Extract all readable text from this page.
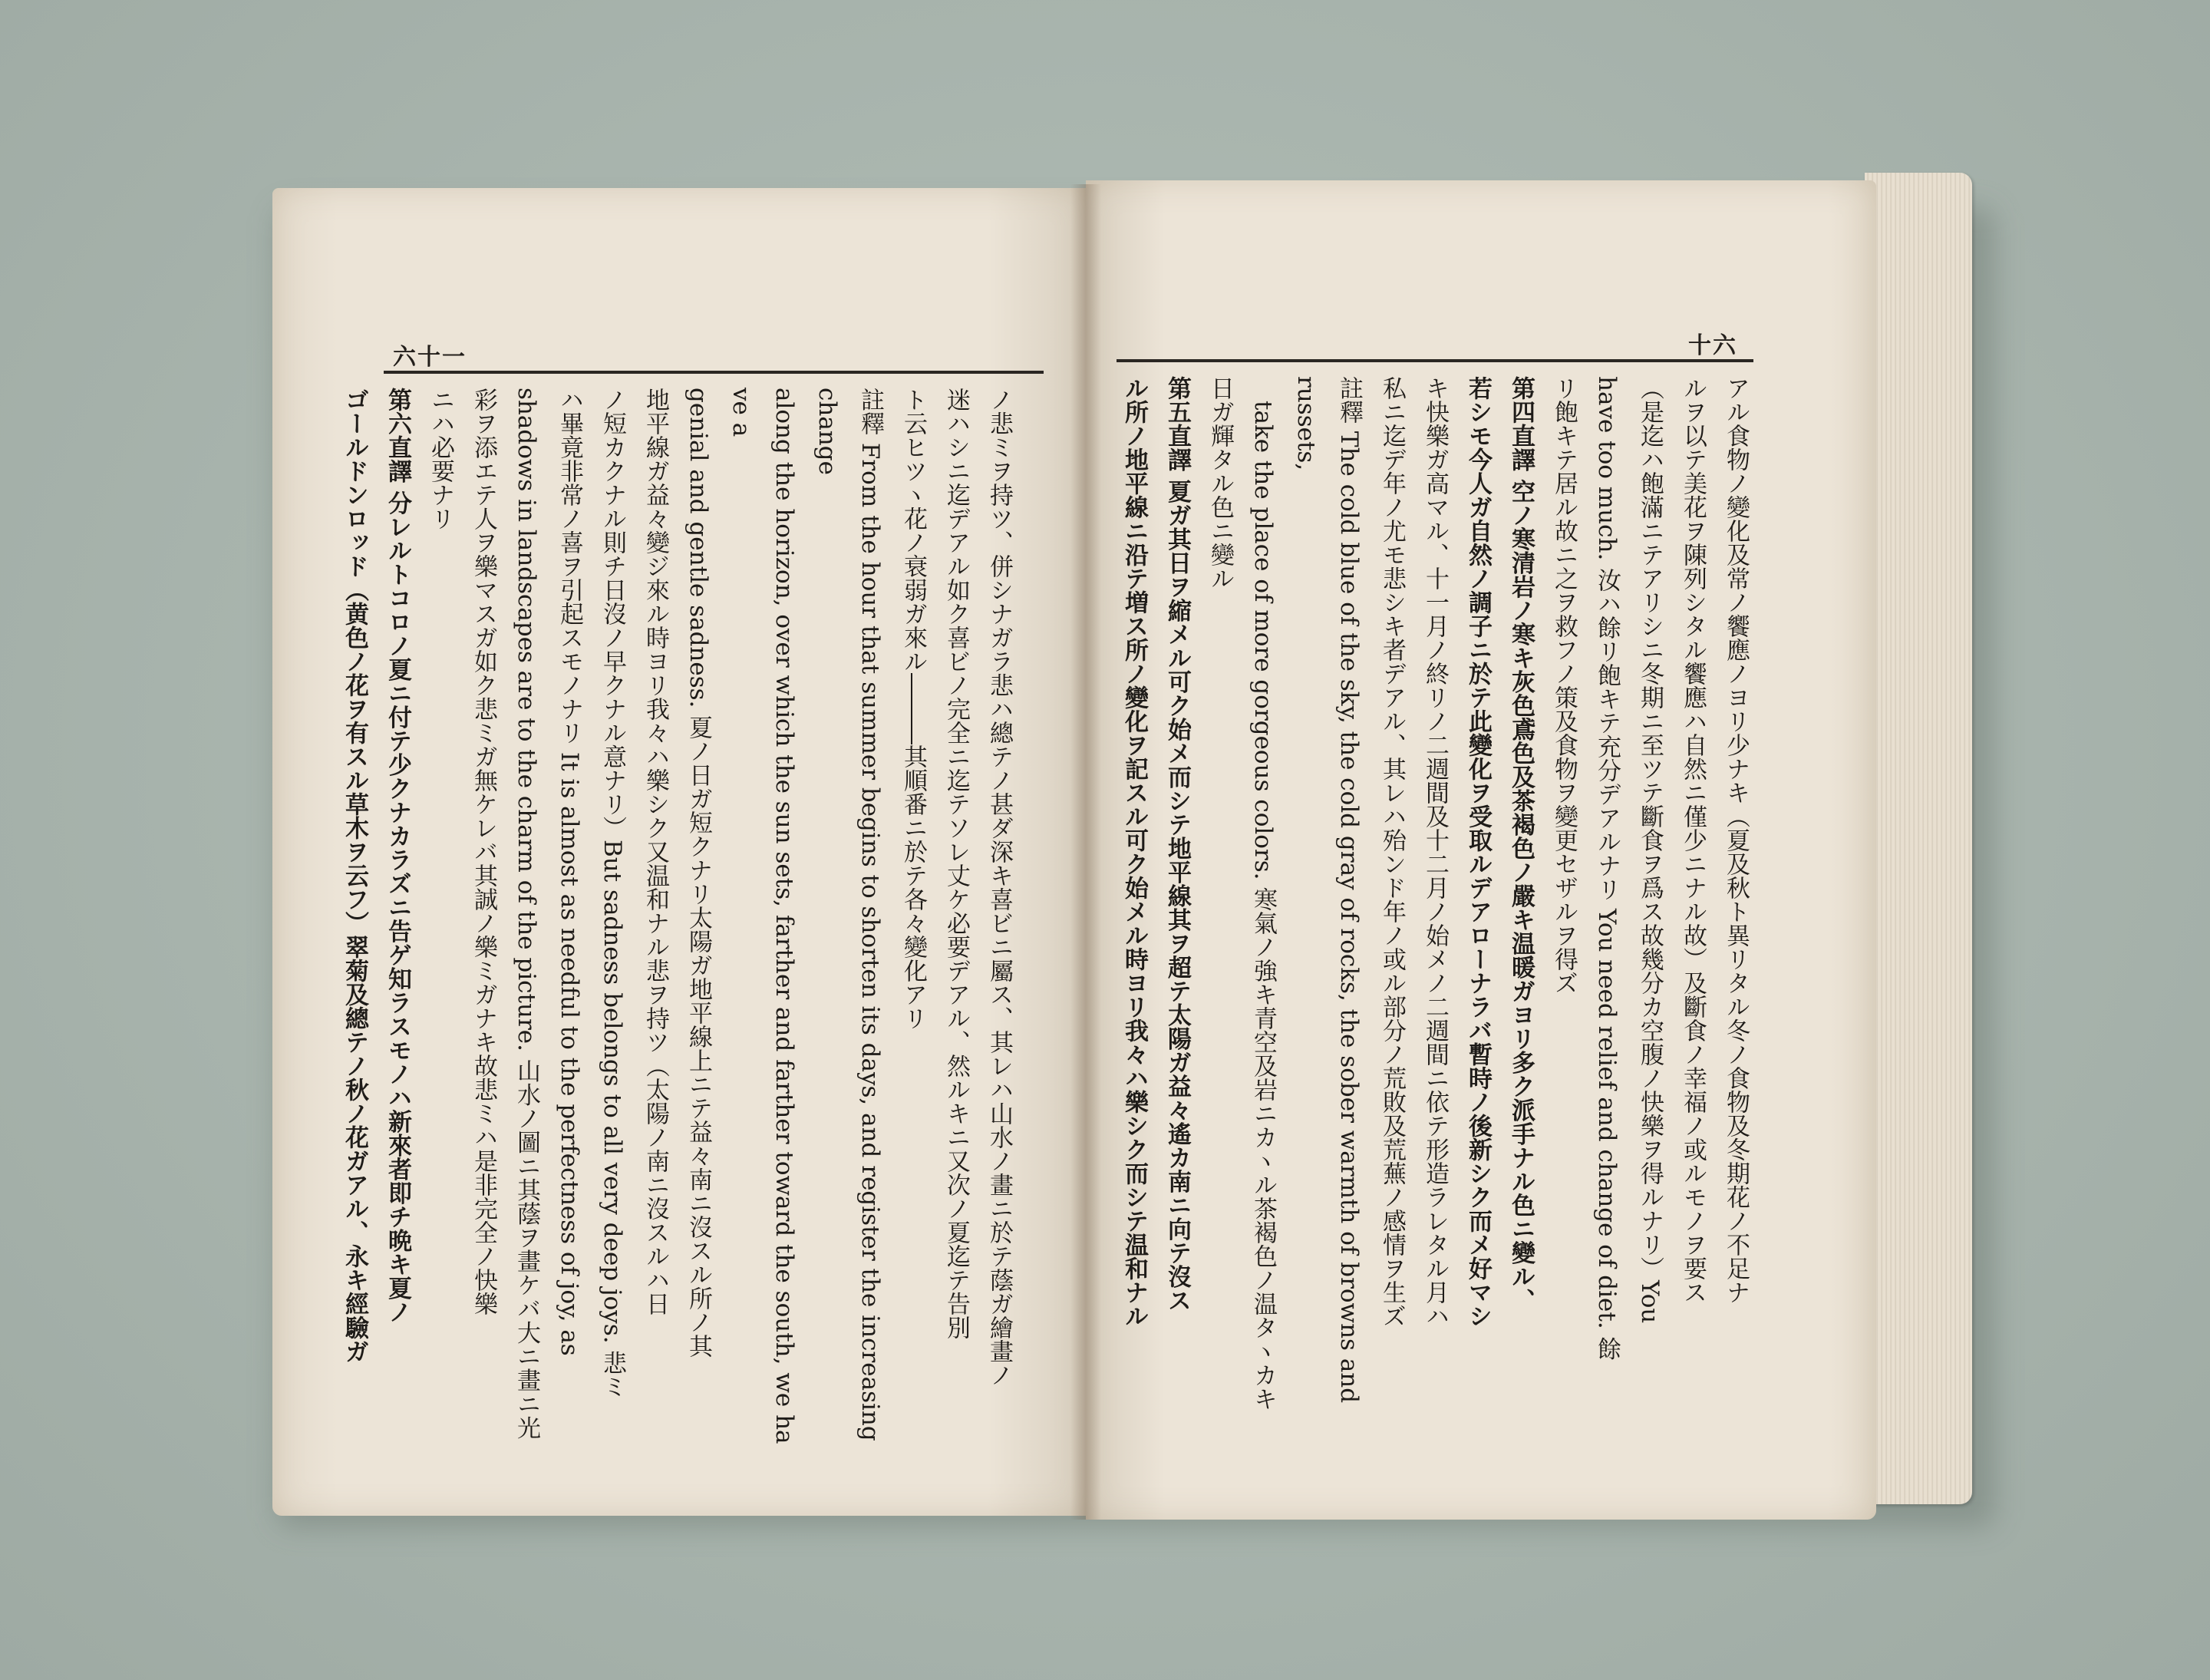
六十一	十六

アル食物ノ變化及常ノ饗應ノヨリ少ナキ（夏及秋ト異リタル冬ノ食物及冬期花ノ不足ナ

ルヲ以テ美花ヲ陳列シタル饗應ハ自然ニ僅少ニナル故）及斷食ノ幸福ノ或ルモノヲ要ス

（是迄ハ飽滿ニテアリシニ冬期ニ至ツテ斷食ヲ爲ス故幾分カ空腹ノ快樂ヲ得ルナリ）You

have too much. 汝ハ餘リ飽キテ充分デアルナリ You need relief and change of diet. 餘

リ飽キテ居ル故ニ之ヲ救フノ策及食物ヲ變更セザルヲ得ズ

第四直譯 空ノ寒清岩ノ寒キ灰色鳶色及茶褐色ノ嚴キ温暖ガヨリ多ク派手ナル色ニ變ル、

若シモ今人ガ自然ノ調子ニ於テ此變化ヲ受取ルデアローナラバ暫時ノ後新シク而メ好マシ

キ快樂ガ高マル、十一月ノ終リノ二週間及十二月ノ始メノ二週間ニ依テ形造ラレタル月ハ

私ニ迄デ年ノ尤モ悲シキ者デアル、其レハ殆ンド年ノ或ル部分ノ荒敗及荒蕪ノ感情ヲ生ズ

註釋 The cold blue of the sky, the cold gray of rocks, the sober warmth of browns and russets,

take the place of more gorgeous colors. 寒氣ノ強キ青空及岩ニカヽル茶褐色ノ温タヽカキ

日ガ輝タル色ニ變ル

第五直譯 夏ガ其日ヲ縮メル可ク始メ而シテ地平線其ヲ超テ太陽ガ益々遙カ南ニ向テ沒ス

ル所ノ地平線ニ沿テ増ス所ノ變化ヲ記スル可ク始メル時ヨリ我々ハ樂シク而シテ温和ナル

ノ悲ミヲ持ツ、併シナガラ悲ハ總テノ甚ダ深キ喜ビニ屬ス、其レハ山水ノ畫ニ於テ蔭ガ繪畫ノ

迷ハシニ迄デアル如ク喜ビノ完全ニ迄テソレ丈ケ必要デアル、然ルキニ又次ノ夏迄テ告別

ト云ヒツヽ花ノ衰弱ガ來ル―――其順番ニ於テ各々變化アリ

註釋 From the hour that summer begins to shorten its days, and register the increasing change

along the horizon, over which the sun sets, farther and farther toward the south, we have a

genial and gentle sadness. 夏ノ日ガ短クナリ太陽ガ地平線上ニテ益々南ニ沒スル所ノ其

地平線ガ益々變ジ來ル時ヨリ我々ハ樂シク又温和ナル悲ヲ持ツ（太陽ノ南ニ沒スルハ日

ノ短カクナル則チ日沒ノ早クナル意ナリ）But sadness belongs to all very deep joys. 悲ミ

ハ畢竟非常ノ喜ヲ引起スモノナリ It is almost as needful to the perfectness of joy, as

shadows in landscapes are to the charm of the picture. 山水ノ圖ニ其蔭ヲ畫ケバ大ニ畫ニ光

彩ヲ添エテ人ヲ樂マスガ如ク悲ミガ無ケレバ其誠ノ樂ミガナキ故悲ミハ是非完全ノ快樂

ニハ必要ナリ

第六直譯 分レルトコロノ夏ニ付テ少クナカラズニ告ゲ知ラスモノハ新來者即チ晩キ夏ノ

ゴールドンロッド（黄色ノ花ヲ有スル草木ヲ云フ）翠菊及總テノ秋ノ花ガアル、永キ經驗ガ
